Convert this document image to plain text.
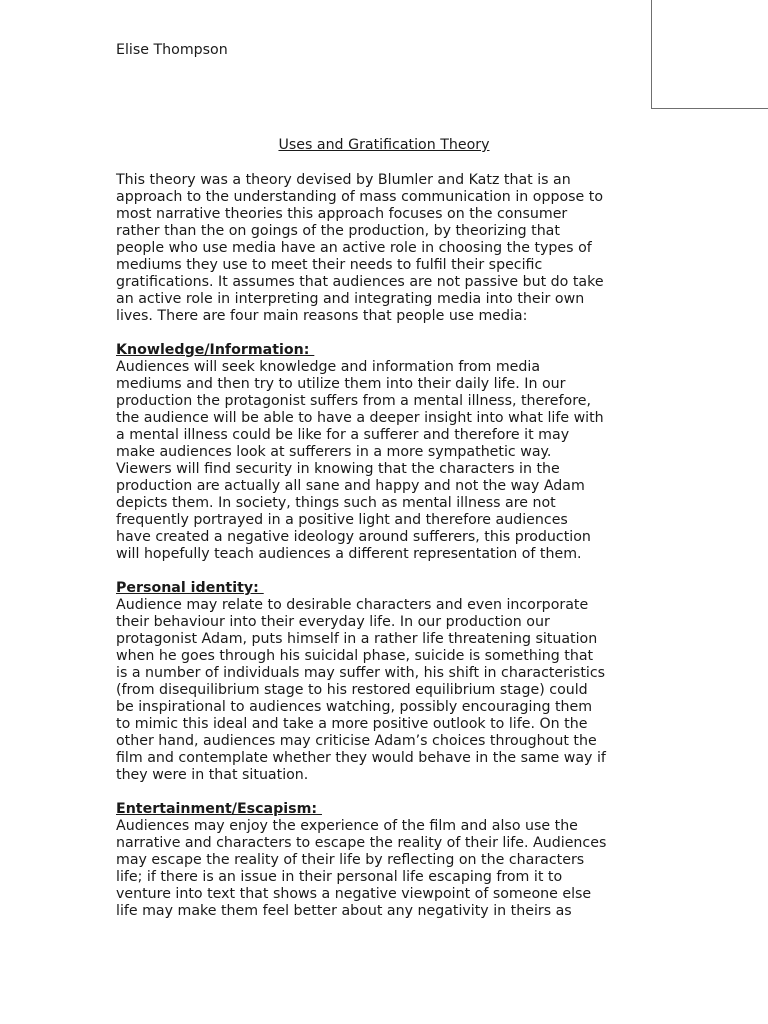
Elise Thompson

Uses and Gratification Theory

This theory was a theory devised by Blumler and Katz that is an
approach to the understanding of mass communication in oppose to
most narrative theories this approach focuses on the consumer
rather than the on goings of the production, by theorizing that
people who use media have an active role in choosing the types of
mediums they use to meet their needs to fulfil their specific
gratifications. It assumes that audiences are not passive but do take
an active role in interpreting and integrating media into their own
lives. There are four main reasons that people use media:

Knowledge/Information:

Audiences will seek knowledge and information from media
mediums and then try to utilize them into their daily life. In our
production the protagonist suffers from a mental illness, therefore,
the audience will be able to have a deeper insight into what life with
a mental illness could be like for a sufferer and therefore it may
make audiences look at sufferers in a more sympathetic way.
Viewers will find security in knowing that the characters in the
production are actually all sane and happy and not the way Adam
depicts them. In society, things such as mental illness are not
frequently portrayed in a positive light and therefore audiences
have created a negative ideology around sufferers, this production
will hopefully teach audiences a different representation of them.

Personal identity:

Audience may relate to desirable characters and even incorporate
their behaviour into their everyday life. In our production our
protagonist Adam, puts himself in a rather life threatening situation
when he goes through his suicidal phase, suicide is something that
is a number of individuals may suffer with, his shift in characteristics
(from disequilibrium stage to his restored equilibrium stage) could
be inspirational to audiences watching, possibly encouraging them
to mimic this ideal and take a more positive outlook to life. On the
other hand, audiences may criticise Adam’s choices throughout the
film and contemplate whether they would behave in the same way if
they were in that situation.

Entertainment/Escapism:

Audiences may enjoy the experience of the film and also use the
narrative and characters to escape the reality of their life. Audiences
may escape the reality of their life by reflecting on the characters
life; if there is an issue in their personal life escaping from it to
venture into text that shows a negative viewpoint of someone else
life may make them feel better about any negativity in theirs as
